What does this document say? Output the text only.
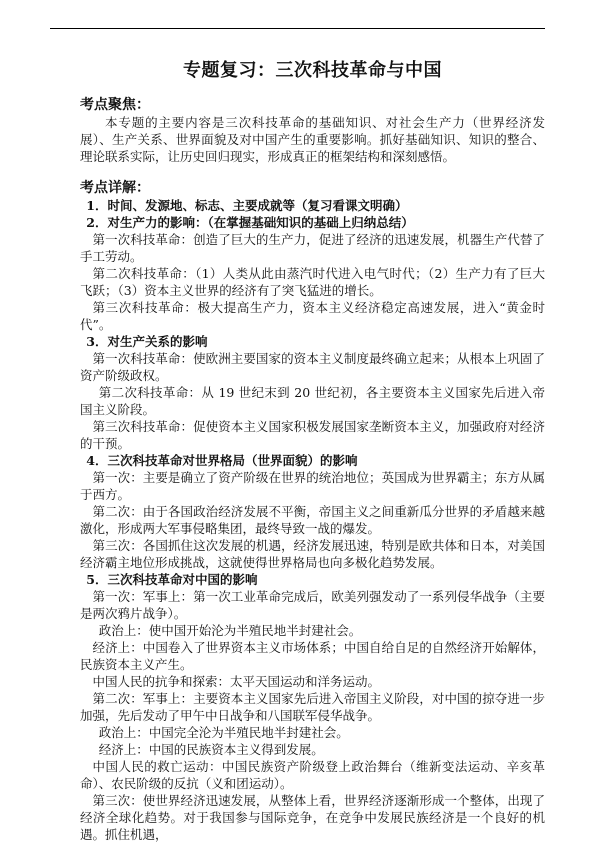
专题复习：三次科技革命与中国
考点聚焦：

本专题的主要内容是三次科技革命的基础知识、对社会生产力（世界经济发展）、生产关系、世界面貌及对中国产生的重要影响。抓好基础知识、知识的整合、理论联系实际，让历史回归现实，形成真正的框架结构和深刻感悟。

考点详解：

1．时间、发源地、标志、主要成就等（复习看课文明确）

2．对生产力的影响：（在掌握基础知识的基础上归纳总结）

第一次科技革命：创造了巨大的生产力，促进了经济的迅速发展，机器生产代替了手工劳动。

第二次科技革命：（1）人类从此由蒸汽时代进入电气时代；（2）生产力有了巨大飞跃；（3）资本主义世界的经济有了突飞猛进的增长。

第三次科技革命：极大提高生产力，资本主义经济稳定高速发展，进入“黄金时代”。

3．对生产关系的影响

第一次科技革命：使欧洲主要国家的资本主义制度最终确立起来；从根本上巩固了资产阶级政权。

第二次科技革命：从 19 世纪末到 20 世纪初，各主要资本主义国家先后进入帝国主义阶段。

第三次科技革命：促使资本主义国家积极发展国家垄断资本主义，加强政府对经济的干预。

4．三次科技革命对世界格局（世界面貌）的影响

第一次：主要是确立了资产阶级在世界的统治地位；英国成为世界霸主；东方从属于西方。

第二次：由于各国政治经济发展不平衡，帝国主义之间重新瓜分世界的矛盾越来越激化，形成两大军事侵略集团，最终导致一战的爆发。

第三次：各国抓住这次发展的机遇，经济发展迅速，特别是欧共体和日本，对美国经济霸主地位形成挑战，这就使得世界格局也向多极化趋势发展。

5．三次科技革命对中国的影响

第一次：军事上：第一次工业革命完成后，欧美列强发动了一系列侵华战争（主要是两次鸦片战争）。

政治上：使中国开始沦为半殖民地半封建社会。

经济上：中国卷入了世界资本主义市场体系；中国自给自足的自然经济开始解体，民族资本主义产生。

中国人民的抗争和探索：太平天国运动和洋务运动。

第二次：军事上：主要资本主义国家先后进入帝国主义阶段，对中国的掠夺进一步加强，先后发动了甲午中日战争和八国联军侵华战争。

政治上：中国完全沦为半殖民地半封建社会。

经济上：中国的民族资本主义得到发展。

中国人民的救亡运动：中国民族资产阶级登上政治舞台（维新变法运动、辛亥革命）、农民阶级的反抗（义和团运动）。

第三次：使世界经济迅速发展，从整体上看，世界经济逐渐形成一个整体，出现了经济全球化趋势。对于我国参与国际竞争，在竞争中发展民族经济是一个良好的机遇。抓住机遇，
